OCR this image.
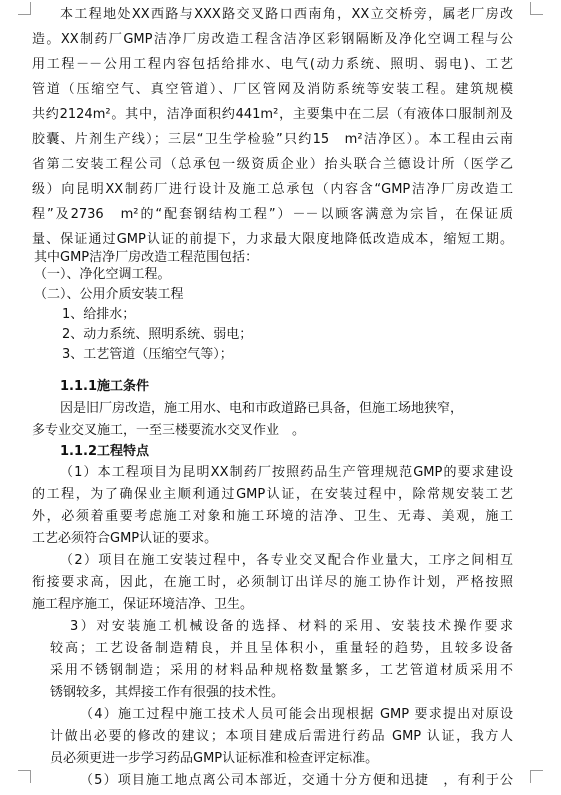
本工程地处XX西路与XXX路交叉路口西南角，XX立交桥旁，属老厂房改
造。XX制药厂GMP洁净厂房改造工程含洁净区彩钢隔断及净化空调工程与公
用工程－－公用工程内容包括给排水、电气(动力系统、照明、弱电)、工艺
管道（压缩空气、真空管道）、厂区管网及消防系统等安装工程。建筑规模
共约2124m²。其中，洁净面积约441m²，主要集中在二层（有液体口服制剂及
胶囊、片剂生产线）；三层“卫生学检验”只约15　m²洁净区）。本工程由云南
省第二安装工程公司（总承包一级资质企业）抬头联合兰德设计所（医学乙
级）向昆明XX制药厂进行设计及施工总承包（内容含“GMP洁净厂房改造工
程”及2736　m²的“配套钢结构工程”）－－以顾客满意为宗旨，在保证质
量、保证通过GMP认证的前提下，力求最大限度地降低改造成本，缩短工期。
其中GMP洁净厂房改造工程范围包括：
（一）、净化空调工程。
（二）、公用介质安装工程
1、给排水；
2、动力系统、照明系统、弱电；
3、工艺管道（压缩空气等）；
1.1.1施工条件
因是旧厂房改造，施工用水、电和市政道路已具备，但施工场地狭窄，
多专业交叉施工，一至三楼要流水交叉作业　。
1.1.2工程特点
（1）本工程项目为昆明XX制药厂按照药品生产管理规范GMP的要求建设
的工程，为了确保业主顺利通过GMP认证，在安装过程中，除常规安装工艺
外，必须着重要考虑施工对象和施工环境的洁净、卫生、无毒、美观，施工
工艺必须符合GMP认证的要求。
（2）项目在施工安装过程中，各专业交叉配合作业量大，工序之间相互
衔接要求高，因此，在施工时，必须制订出详尽的施工协作计划，严格按照
施工程序施工，保证环境洁净、卫生。
3）对安装施工机械设备的选择、材料的采用、安装技术操作要求
较高；工艺设备制造精良，并且呈体积小，重量轻的趋势，且较多设备
采用不锈钢制造；采用的材料品种规格数量繁多，工艺管道材质采用不
锈钢较多，其焊接工作有很强的技术性。
（4）施工过程中施工技术人员可能会出现根据 GMP 要求提出对原设
计做出必要的修改的建议；本项目建成后需进行药品 GMP 认证，我方人
员必须更进一步学习药品GMP认证标准和检查评定标准。
（5）项目施工地点离公司本部近，交通十分方便和迅捷　，有利于公
